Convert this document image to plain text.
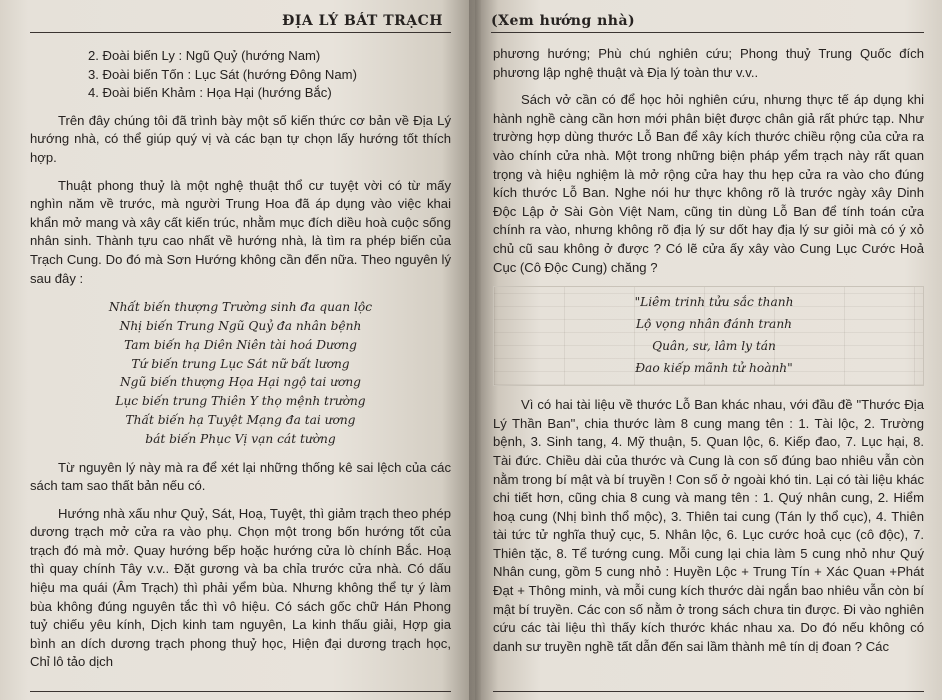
ĐỊA LÝ BÁT TRẠCH
2. Đoài biến Ly : Ngũ Quỷ (hướng Nam)
3. Đoài biến Tốn : Lục Sát (hướng Đông Nam)
4. Đoài biến Khảm : Họa Hại (hướng Bắc)

Trên đây chúng tôi đã trình bày một số kiến thức cơ bản về Địa Lý hướng nhà, có thể giúp quý vị và các bạn tự chọn lấy hướng tốt thích hợp.

Thuật phong thuỷ là một nghệ thuật thổ cư tuyệt vời có từ mấy nghìn năm về trước, mà người Trung Hoa đã áp dụng vào việc khai khẩn mở mang và xây cất kiến trúc, nhằm mục đích diều hoà cuộc sống nhân sinh. Thành tựu cao nhất về hướng nhà, là tìm ra phép biến của Trạch Cung. Do đó mà Sơn Hướng không cần đến nữa. Theo nguyên lý sau đây :

Nhất biến thượng Trường sinh đa quan lộc
Nhị biến Trung Ngũ Quỷ đa nhân bệnh
Tam biến hạ Diên Niên tài hoá Dương
Tứ biến trung Lục Sát nữ bất lương
Ngũ biến thượng Họa Hại ngộ tai ương
Lục biến trung Thiên Y thọ mệnh trường
Thất biến hạ Tuyệt Mạng đa tai ương
bát biến Phục Vị vạn cát tường

Từ nguyên lý này mà ra để xét lại những thống kê sai lệch của các sách tam sao thất bản nếu có.

Hướng nhà xấu như Quỷ, Sát, Hoạ, Tuyệt, thì giảm trạch theo phép dương trạch mở cửa ra vào phụ. Chọn một trong bốn hướng tốt của trạch đó mà mở. Quay hướng bếp hoặc hướng cửa lò chính Bắc. Hoạ thì quay chính Tây v.v.. Đặt gương và ba chỉa trước cửa nhà. Có dấu hiệu ma quái (Âm Trạch) thì phải yểm bùa. Nhưng không thể tự ý làm bùa không đúng nguyên tắc thì vô hiệu. Có sách gốc chữ Hán Phong tuỷ chiếu yêu kính, Dịch kinh tam nguyên, La kinh thấu giải, Hợp gia bình an dích dương trạch phong thuỷ học, Hiện đại dương trạch học, Chỉ lô tảo dịch

(Xem hướng nhà)

phương hướng; Phù chú nghiên cứu; Phong thuỷ Trung Quốc đích phương lập nghệ thuật và Địa lý toàn thư v.v..

Sách vở cần có để học hỏi nghiên cứu, nhưng thực tế áp dụng khi hành nghề càng cần hơn mới phân biệt được chân giả rất phức tạp. Như trường hợp dùng thước Lỗ Ban để xây kích thước chiều rộng của cửa ra vào chính cửa nhà. Một trong những biện pháp yểm trạch này rất quan trọng và hiệu nghiệm là mở rộng cửa hay thu hẹp cửa ra vào cho đúng kích thước Lỗ Ban. Nghe nói hư thực không rõ là trước ngày xây Dinh Độc Lập ở Sài Gòn Việt Nam, cũng tin dùng Lỗ Ban để tính toán cửa chính ra vào, nhưng không rõ địa lý sư dốt hay địa lý sư giỏi mà có ý xỏ chủ cũ sau không ở được ? Có lẽ cửa ấy xây vào Cung Lục Cước Hoả Cục (Cô Độc Cung) chăng ?

"Liêm trinh tửu sắc thanh
Lộ vọng nhân đánh tranh
Quân, sư, lâm ly tán
Đao kiếp mãnh tử hoành"

Vì có hai tài liệu về thước Lỗ Ban khác nhau, với đầu đề "Thước Địa Lý Thần Ban", chia thước làm 8 cung mang tên : 1. Tài lộc, 2. Trường bệnh, 3. Sinh tang, 4. Mỹ thuận, 5. Quan lộc, 6. Kiếp đao, 7. Lục hại, 8. Tài đức. Chiều dài của thước và Cung là con số đúng bao nhiêu vẫn còn nằm trong bí mật và bí truyền ! Con số ở ngoài khó tin. Lại có tài liệu khác chi tiết hơn, cũng chia 8 cung và mang tên : 1. Quý nhân cung, 2. Hiểm hoạ cung (Nhị bình thổ mộc), 3. Thiên tai cung (Tán ly thổ cục), 4. Thiên tài tức tử nghĩa thuỷ cục, 5. Nhân lộc, 6. Lục cước hoả cục (cô độc), 7. Thiên tặc, 8. Tể tướng cung. Mỗi cung lại chia làm 5 cung nhỏ như Quý Nhân cung, gồm 5 cung nhỏ : Huyền Lộc + Trung Tín + Xác Quan +Phát Đạt + Thông minh, và mỗi cung kích thước dài ngắn bao nhiêu vẫn còn bí mật bí truyền. Các con số nằm ở trong sách chưa tin được. Đi vào nghiên cứu các tài liệu thì thấy kích thước khác nhau xa. Do đó nếu không có danh sư truyền nghề tất dẫn đến sai lầm thành mê tín dị đoan ? Các
